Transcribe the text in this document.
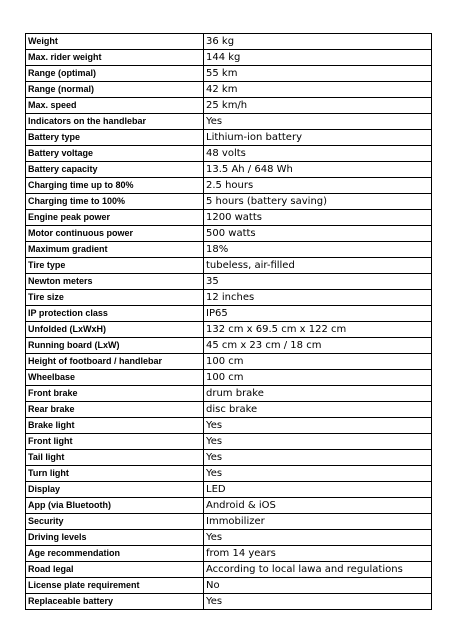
Weight	36 kg
Max. rider weight	144 kg
Range (optimal)	55 km
Range (normal)	42 km
Max. speed	25 km/h
Indicators on the handlebar	Yes
Battery type	Lithium-ion battery
Battery voltage	48 volts
Battery capacity	13.5 Ah / 648 Wh
Charging time up to 80%	2.5 hours
Charging time to 100%	5 hours (battery saving)
Engine peak power	1200 watts
Motor continuous power	500 watts
Maximum gradient	18%
Tire type	tubeless, air-filled
Newton meters	35
Tire size	12 inches
IP protection class	IP65
Unfolded (LxWxH)	132 cm x 69.5 cm x 122 cm
Running board (LxW)	45 cm x 23 cm / 18 cm
Height of footboard / handlebar	100 cm
Wheelbase	100 cm
Front brake	drum brake
Rear brake	disc brake
Brake light	Yes
Front light	Yes
Tail light	Yes
Turn light	Yes
Display	LED
App (via Bluetooth)	Android & iOS
Security	Immobilizer
Driving levels	Yes
Age recommendation	from 14 years
Road legal	According to local lawa and regulations
License plate requirement	No
Replaceable battery	Yes
